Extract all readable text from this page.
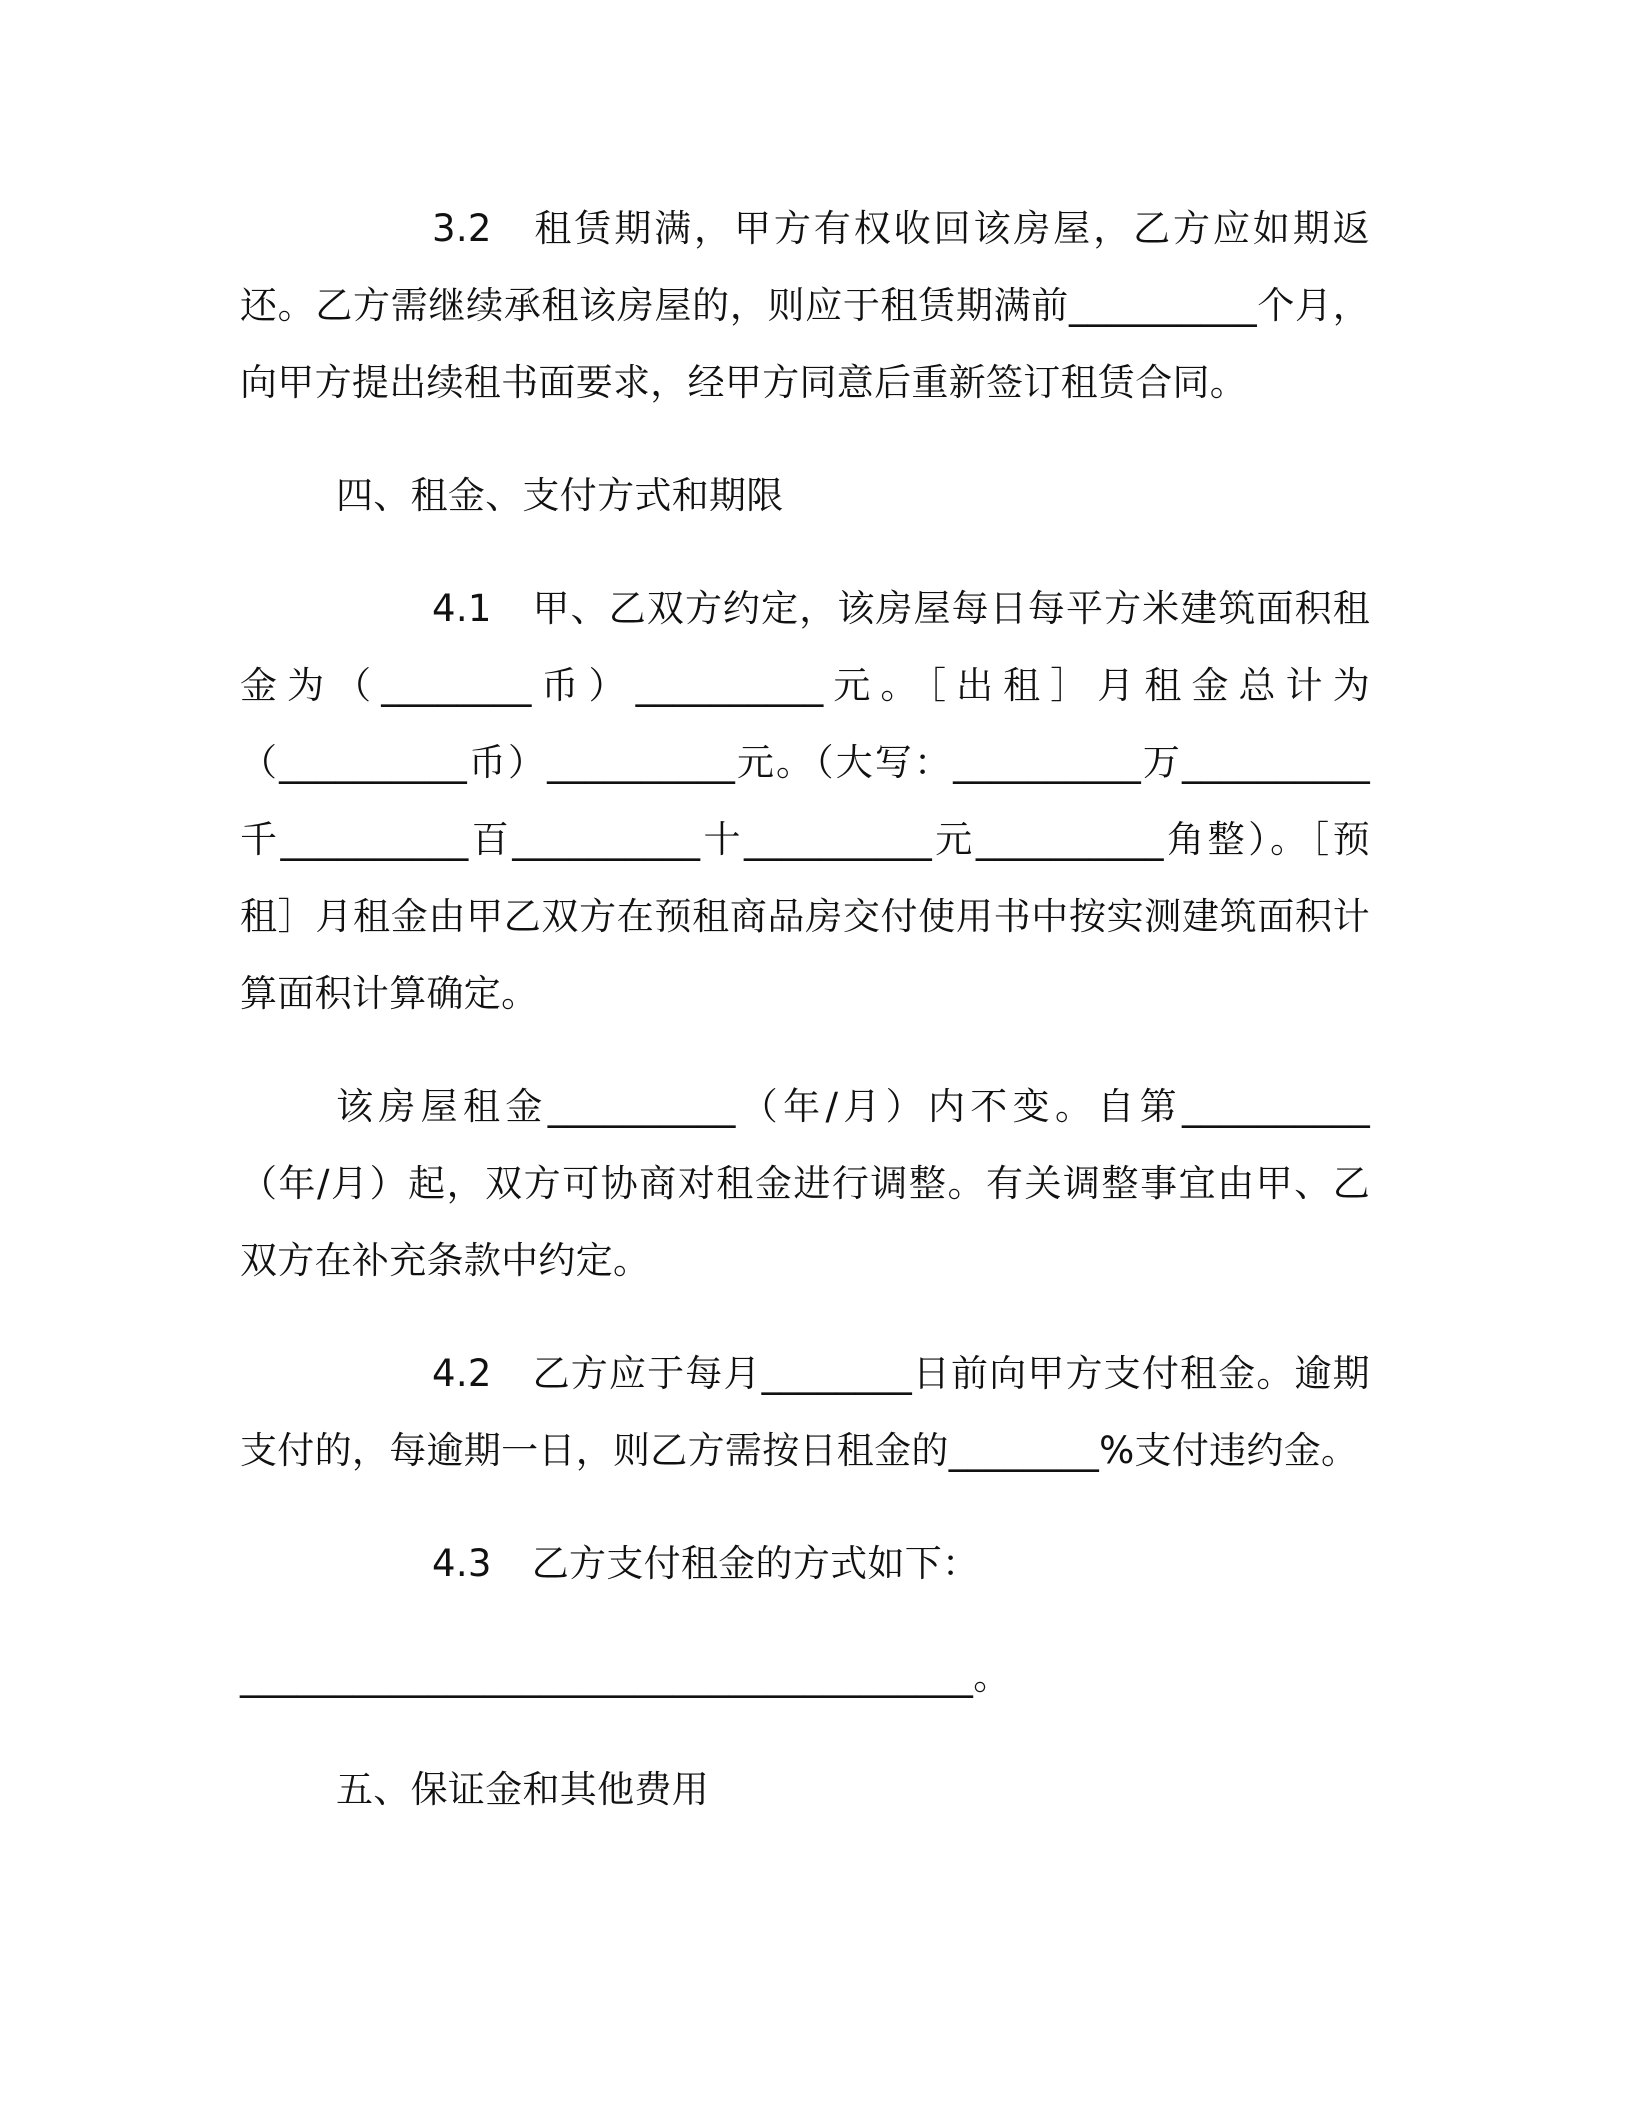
3.2 租赁期满，甲方有权收回该房屋，乙方应如期返还。乙方需继续承租该房屋的，则应于租赁期满前__________个月，向甲方提出续租书面要求，经甲方同意后重新签订租赁合同。

四、租金、支付方式和期限

4.1 甲、乙双方约定，该房屋每日每平方米建筑面积租金为（________币）__________元。［出租］月租金总计为（__________币）__________元。（大写：__________万__________千__________百__________十__________元__________角整）。［预租］月租金由甲乙双方在预租商品房交付使用书中按实测建筑面积计算面积计算确定。

该房屋租金__________（年/月）内不变。自第__________（年/月）起，双方可协商对租金进行调整。有关调整事宜由甲、乙双方在补充条款中约定。

4.2 乙方应于每月________日前向甲方支付租金。逾期支付的，每逾期一日，则乙方需按日租金的________%支付违约金。

4.3 乙方支付租金的方式如下：

_______________________________________。

五、保证金和其他费用
